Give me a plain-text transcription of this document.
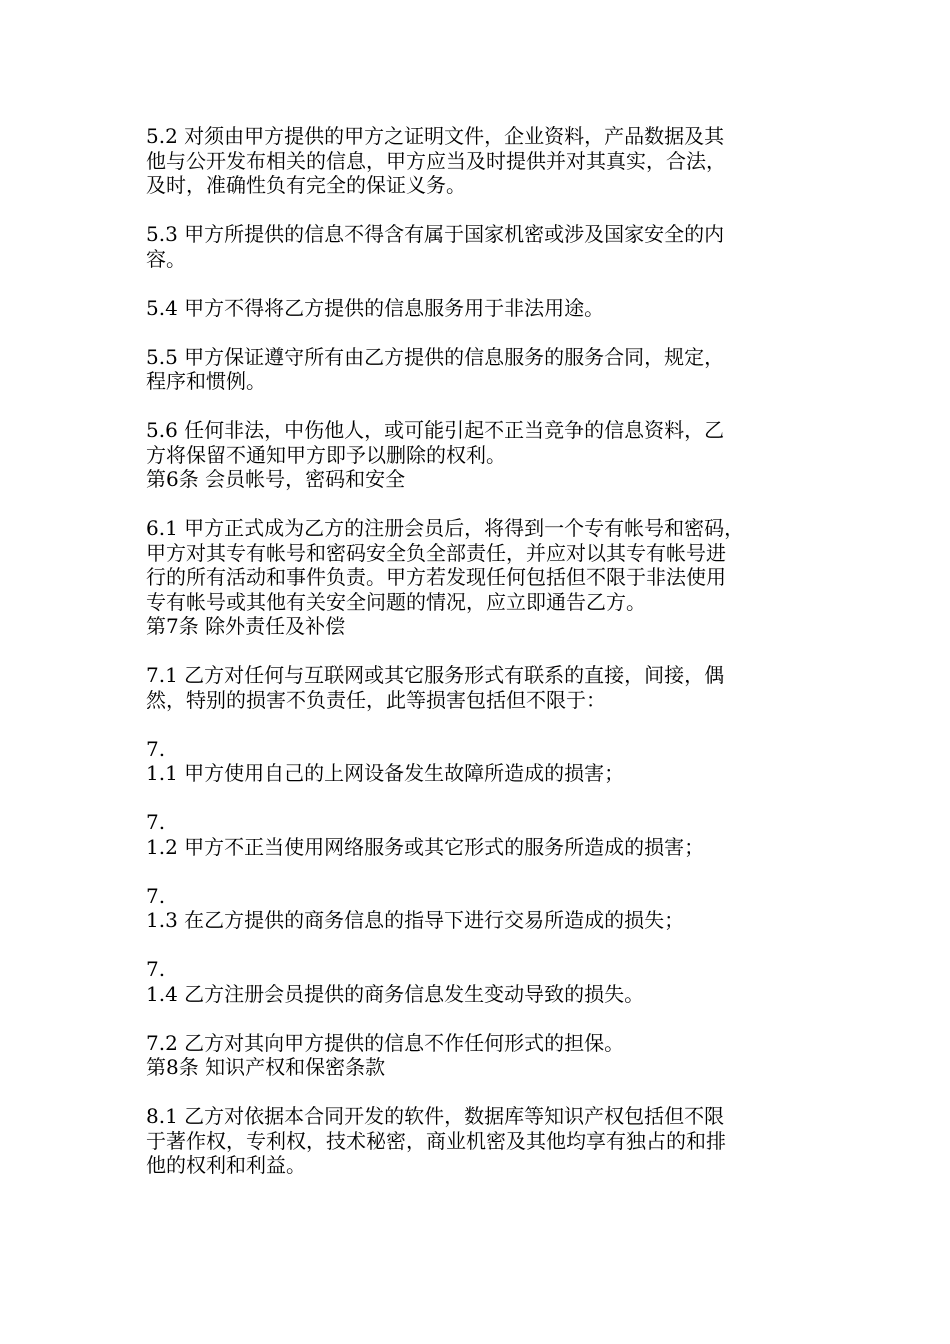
5.2 对须由甲方提供的甲方之证明文件，企业资料，产品数据及其
他与公开发布相关的信息，甲方应当及时提供并对其真实，合法，
及时，准确性负有完全的保证义务。

5.3 甲方所提供的信息不得含有属于国家机密或涉及国家安全的内
容。

5.4 甲方不得将乙方提供的信息服务用于非法用途。

5.5 甲方保证遵守所有由乙方提供的信息服务的服务合同，规定，
程序和惯例。

5.6 任何非法，中伤他人，或可能引起不正当竞争的信息资料，乙
方将保留不通知甲方即予以删除的权利。

第6条 会员帐号，密码和安全

6.1 甲方正式成为乙方的注册会员后，将得到一个专有帐号和密码，
甲方对其专有帐号和密码安全负全部责任，并应对以其专有帐号进
行的所有活动和事件负责。甲方若发现任何包括但不限于非法使用
专有帐号或其他有关安全问题的情况，应立即通告乙方。

第7条 除外责任及补偿

7.1 乙方对任何与互联网或其它服务形式有联系的直接，间接，偶
然，特别的损害不负责任，此等损害包括但不限于：

7.
1.1 甲方使用自己的上网设备发生故障所造成的损害；

7.
1.2 甲方不正当使用网络服务或其它形式的服务所造成的损害；

7.
1.3 在乙方提供的商务信息的指导下进行交易所造成的损失；

7.
1.4 乙方注册会员提供的商务信息发生变动导致的损失。

7.2 乙方对其向甲方提供的信息不作任何形式的担保。

第8条 知识产权和保密条款

8.1 乙方对依据本合同开发的软件，数据库等知识产权包括但不限
于著作权，专利权，技术秘密，商业机密及其他均享有独占的和排
他的权利和利益。
